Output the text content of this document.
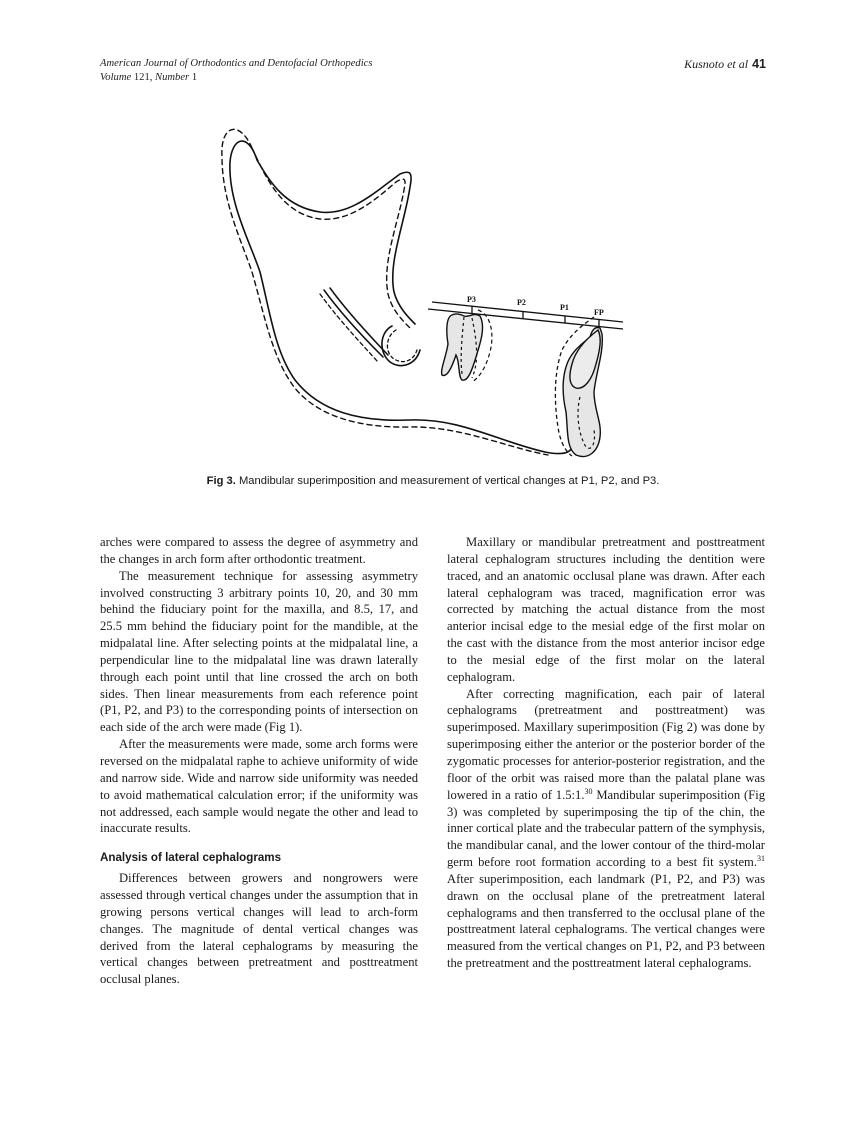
American Journal of Orthodontics and Dentofacial Orthopedics
Volume 121, Number 1
Kusnoto et al 41
P3	P2
P1
FP
Fig 3. Mandibular superimposition and measurement of vertical changes at P1, P2, and P3.

arches were compared to assess the degree of asymmetry and the changes in arch form after orthodontic treatment.

The measurement technique for assessing asymmetry involved constructing 3 arbitrary points 10, 20, and 30 mm behind the fiduciary point for the maxilla, and 8.5, 17, and 25.5 mm behind the fiduciary point for the mandible, at the midpalatal line. After selecting points at the midpalatal line, a perpendicular line to the midpalatal line was drawn laterally through each point until that line crossed the arch on both sides. Then linear measurements from each reference point (P1, P2, and P3) to the corresponding points of intersection on each side of the arch were made (Fig 1).

After the measurements were made, some arch forms were reversed on the midpalatal raphe to achieve uniformity of wide and narrow side. Wide and narrow side uniformity was needed to avoid mathematical calculation error; if the uniformity was not addressed, each sample would negate the other and lead to inaccurate results.

Analysis of lateral cephalograms

Differences between growers and nongrowers were assessed through vertical changes under the assumption that in growing persons vertical changes will lead to arch-form changes. The magnitude of dental vertical changes was derived from the lateral cephalograms by measuring the vertical changes between pretreatment and posttreatment occlusal planes.

Maxillary or mandibular pretreatment and posttreatment lateral cephalogram structures including the dentition were traced, and an anatomic occlusal plane was drawn. After each lateral cephalogram was traced, magnification error was corrected by matching the actual distance from the most anterior incisal edge to the mesial edge of the first molar on the cast with the distance from the most anterior incisor edge to the mesial edge of the first molar on the lateral cephalogram.

After correcting magnification, each pair of lateral cephalograms (pretreatment and posttreatment) was superimposed. Maxillary superimposition (Fig 2) was done by superimposing either the anterior or the posterior border of the zygomatic processes for anterior-posterior registration, and the floor of the orbit was raised more than the palatal plane was lowered in a ratio of 1.5:1.30 Mandibular superimposition (Fig 3) was completed by superimposing the tip of the chin, the inner cortical plate and the trabecular pattern of the symphysis, the mandibular canal, and the lower contour of the third-molar germ before root formation according to a best fit system.$^{31}$ After superimposition, each landmark (P1, P2, and P3) was drawn on the occlusal plane of the pretreatment lateral cephalograms and then transferred to the occlusal plane of the posttreatment lateral cephalograms. The vertical changes were measured from the vertical changes on P1, P2, and P3 between the pretreatment and the posttreatment lateral cephalograms.
